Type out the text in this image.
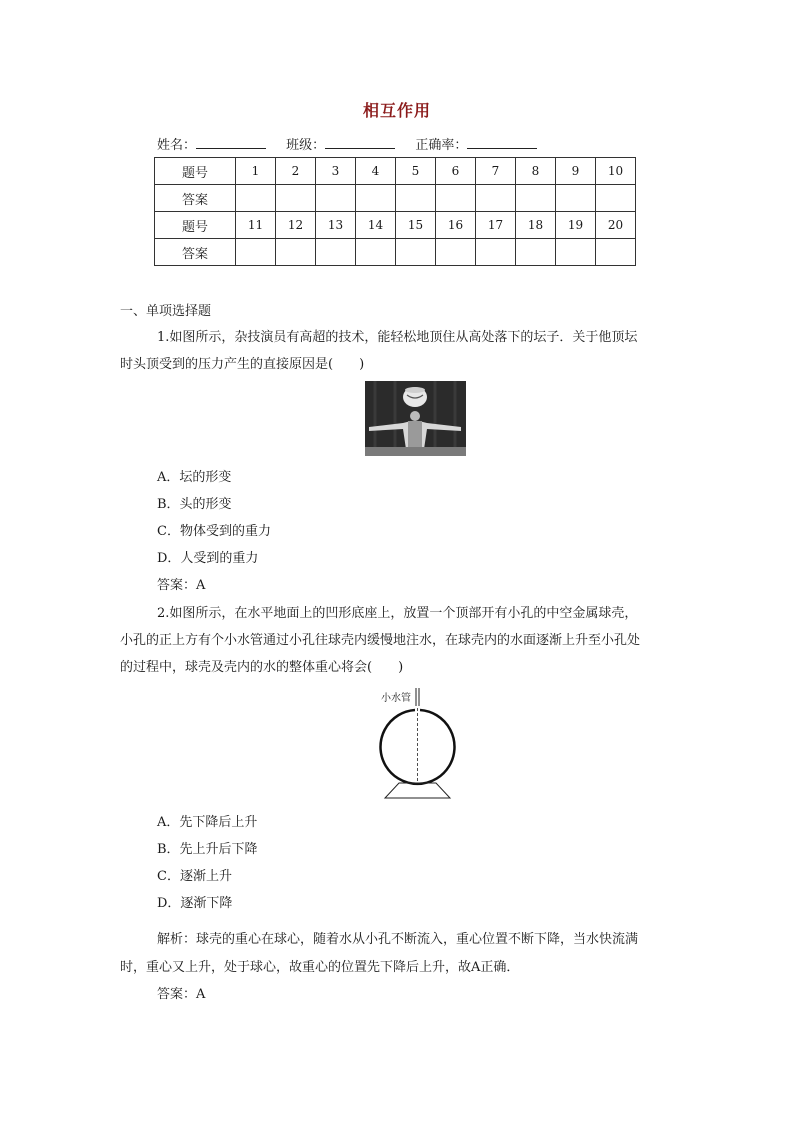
相互作用
姓名：	班级：	正确率：
题号	1	2	3	4	5	6	7	8	9	10
答案										
题号	11	12	13	14	15	16	17	18	19	20
答案										
一、单项选择题
1.如图所示，杂技演员有高超的技术，能轻松地顶住从高处落下的坛子．关于他顶坛
时头顶受到的压力产生的直接原因是(　　)
A．坛的形变
B．头的形变
C．物体受到的重力
D．人受到的重力
答案：A
2.如图所示，在水平地面上的凹形底座上，放置一个顶部开有小孔的中空金属球壳，
小孔的正上方有个小水管通过小孔往球壳内缓慢地注水，在球壳内的水面逐渐上升至小孔处
的过程中，球壳及壳内的水的整体重心将会(　　)
小水管
A．先下降后上升
B．先上升后下降
C．逐渐上升
D．逐渐下降
解析：球壳的重心在球心，随着水从小孔不断流入，重心位置不断下降，当水快流满
时，重心又上升，处于球心，故重心的位置先下降后上升，故A正确．
答案：A
